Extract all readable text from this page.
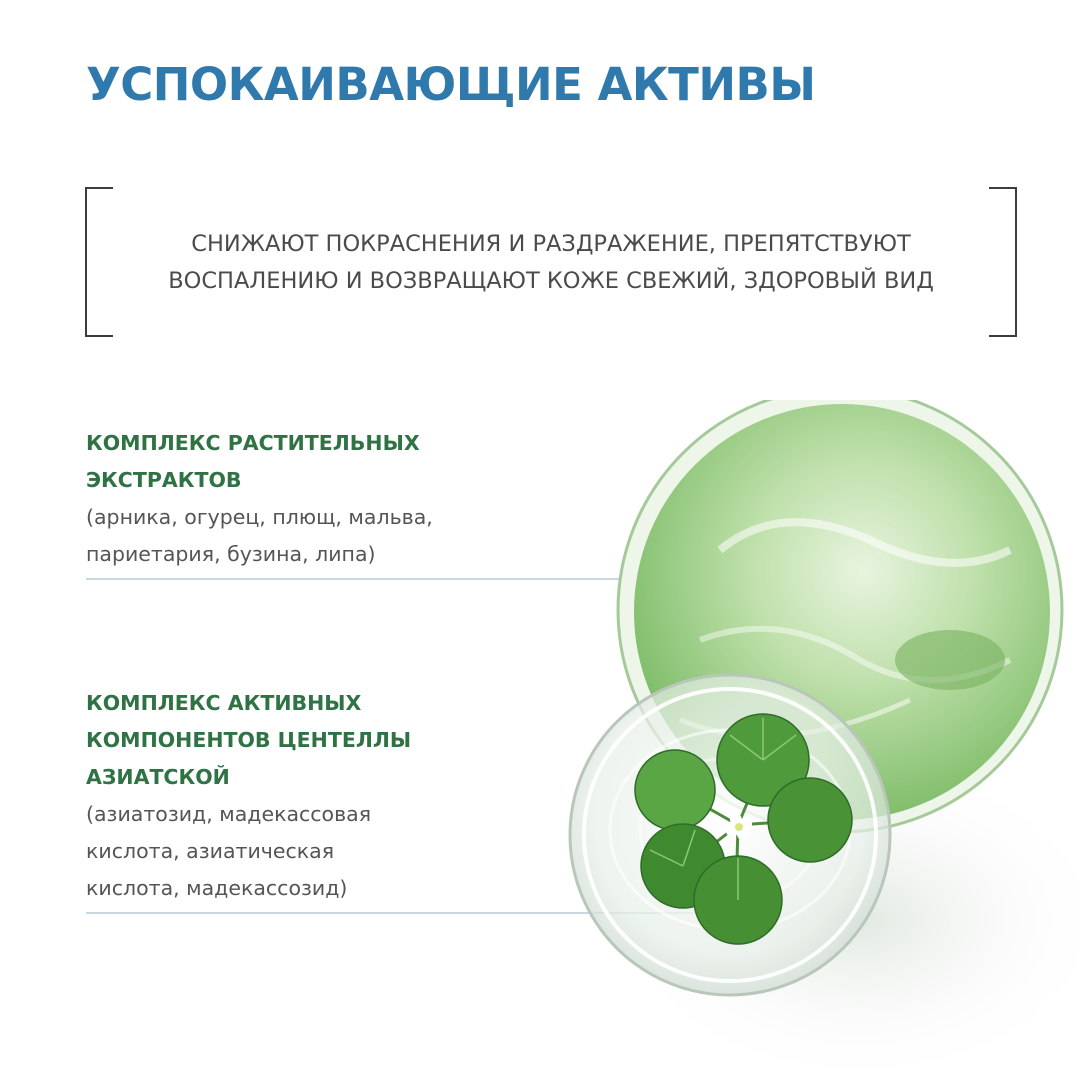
УСПОКАИВАЮЩИЕ АКТИВЫ
СНИЖАЮТ ПОКРАСНЕНИЯ И РАЗДРАЖЕНИЕ, ПРЕПЯТСТВУЮТ
ВОСПАЛЕНИЮ И ВОЗВРАЩАЮТ КОЖЕ СВЕЖИЙ, ЗДОРОВЫЙ ВИД
КОМПЛЕКС РАСТИТЕЛЬНЫХ
ЭКСТРАКТОВ
(арника, огурец, плющ, мальва,
париетария, бузина, липа)
КОМПЛЕКС АКТИВНЫХ
КОМПОНЕНТОВ ЦЕНТЕЛЛЫ
АЗИАТСКОЙ
(азиатозид, мадекассовая
кислота, азиатическая
кислота, мадекассозид)
